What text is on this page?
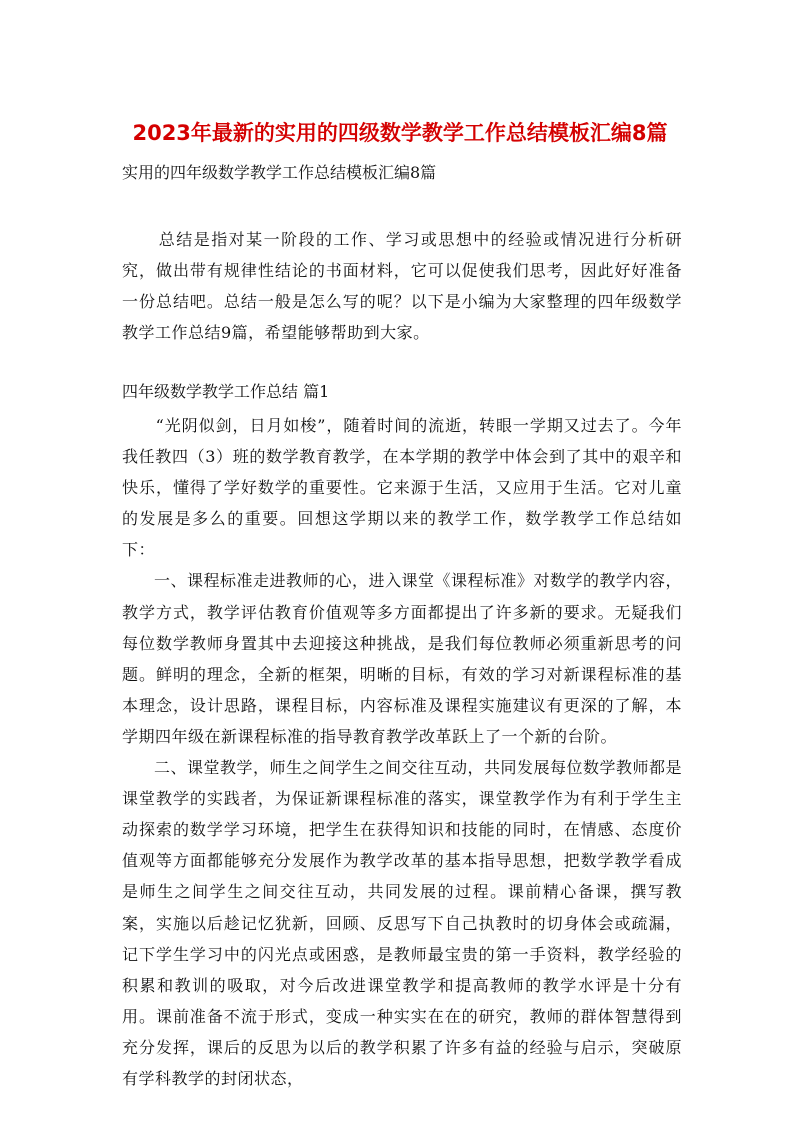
2023年最新的实用的四级数学教学工作总结模板汇编8篇
实用的四年级数学教学工作总结模板汇编8篇

总结是指对某一阶段的工作、学习或思想中的经验或情况进行分析研究，做出带有规律性结论的书面材料，它可以促使我们思考，因此好好准备一份总结吧。总结一般是怎么写的呢？以下是小编为大家整理的四年级数学教学工作总结9篇，希望能够帮助到大家。

四年级数学教学工作总结 篇1

“光阴似剑，日月如梭”，随着时间的流逝，转眼一学期又过去了。今年我任教四（3）班的数学教育教学，在本学期的教学中体会到了其中的艰辛和快乐，懂得了学好数学的重要性。它来源于生活，又应用于生活。它对儿童的发展是多么的重要。回想这学期以来的教学工作，数学教学工作总结如下：

一、课程标准走进教师的心，进入课堂《课程标准》对数学的教学内容，教学方式，教学评估教育价值观等多方面都提出了许多新的要求。无疑我们每位数学教师身置其中去迎接这种挑战，是我们每位教师必须重新思考的问题。鲜明的理念，全新的框架，明晰的目标，有效的学习对新课程标准的基本理念，设计思路，课程目标，内容标准及课程实施建议有更深的了解，本学期四年级在新课程标准的指导教育教学改革跃上了一个新的台阶。

二、课堂教学，师生之间学生之间交往互动，共同发展每位数学教师都是课堂教学的实践者，为保证新课程标准的落实，课堂教学作为有利于学生主动探索的数学学习环境，把学生在获得知识和技能的同时，在情感、态度价值观等方面都能够充分发展作为教学改革的基本指导思想，把数学教学看成是师生之间学生之间交往互动，共同发展的过程。课前精心备课，撰写教案，实施以后趁记忆犹新，回顾、反思写下自己执教时的切身体会或疏漏，记下学生学习中的闪光点或困惑，是教师最宝贵的第一手资料，教学经验的积累和教训的吸取，对今后改进课堂教学和提高教师的教学水评是十分有用。课前准备不流于形式，变成一种实实在在的研究，教师的群体智慧得到充分发挥，课后的反思为以后的教学积累了许多有益的经验与启示，突破原有学科教学的封闭状态，
